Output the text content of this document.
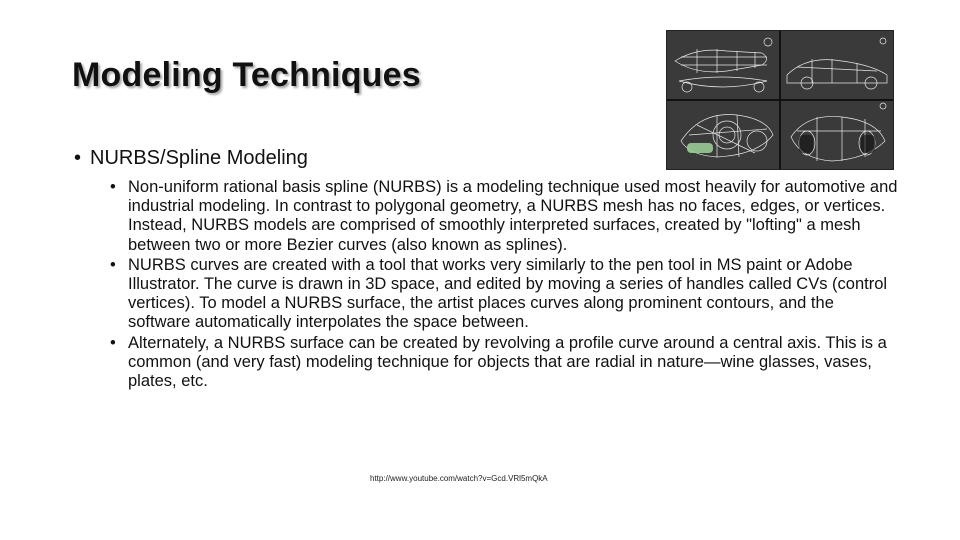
Modeling Techniques
• NURBS/Spline Modeling
• Non-uniform rational basis spline (NURBS) is a modeling technique used most heavily for automotive and industrial modeling. In contrast to polygonal geometry, a NURBS mesh has no faces, edges, or vertices. Instead, NURBS models are comprised of smoothly interpreted surfaces, created by "lofting" a mesh between two or more Bezier curves (also known as splines).
• NURBS curves are created with a tool that works very similarly to the pen tool in MS paint or Adobe Illustrator. The curve is drawn in 3D space, and edited by moving a series of handles called CVs (control vertices). To model a NURBS surface, the artist places curves along prominent contours, and the software automatically interpolates the space between.
• Alternately, a NURBS surface can be created by revolving a profile curve around a central axis. This is a common (and very fast) modeling technique for objects that are radial in nature—wine glasses, vases, plates, etc.
http://www.youtube.com/watch?v=Gcd.VRl5mQkA
